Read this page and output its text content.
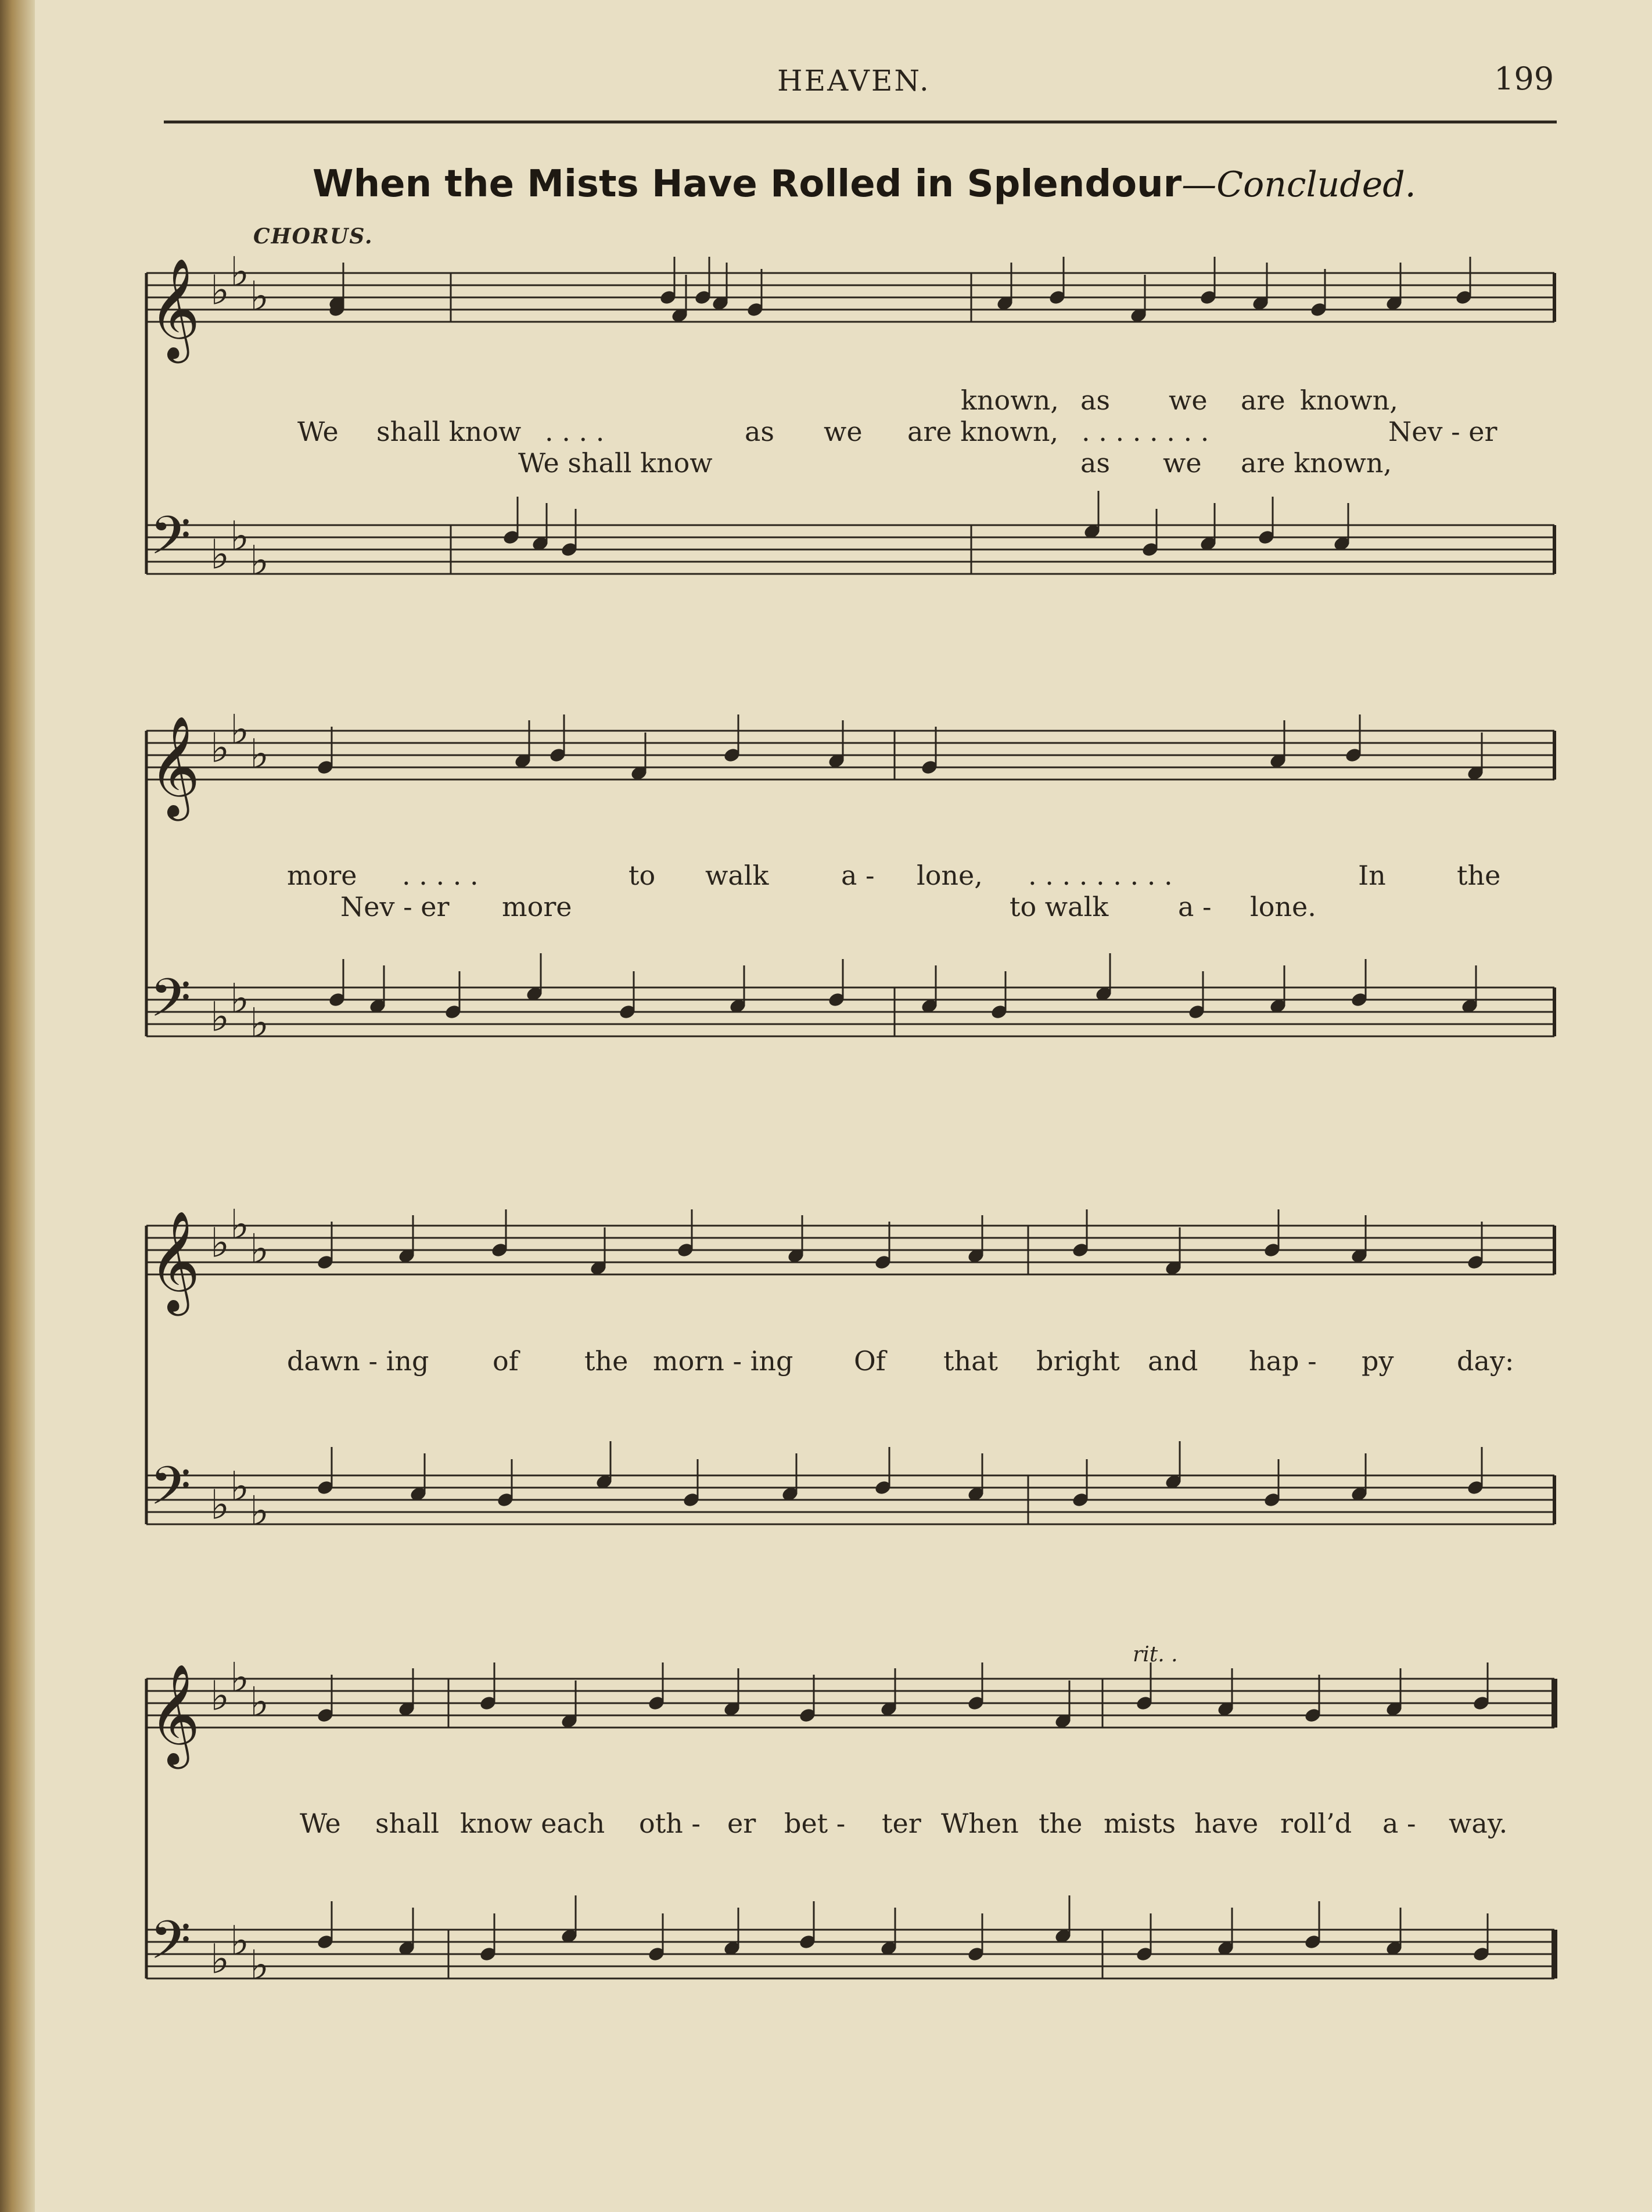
HEAVEN.	199
When the Mists Have Rolled in Splendour—Concluded.
CHORUS.
rit. .
𝄞
𝄢
♭ ♭
♭
♭ ♭
♭
𝄞
𝄢
♭ ♭
♭
♭ ♭
♭
𝄞
𝄢
♭ ♭
♭
♭ ♭
♭
𝄞
𝄢
♭ ♭
♭
♭ ♭
♭
known, as we are known,
We shall know . . . .	as we are known, . . . . . . . .	Nev - er
We shall know	as we are known,
more . . . . .	to walk	a - lone, . . . . . . . . .	In	the
Nev - er more	to walk	a - lone.
dawn - ing of the morn - ing Of that bright and hap - py day:
We shall know each oth - er bet - ter When the mists have roll’d a - way.
